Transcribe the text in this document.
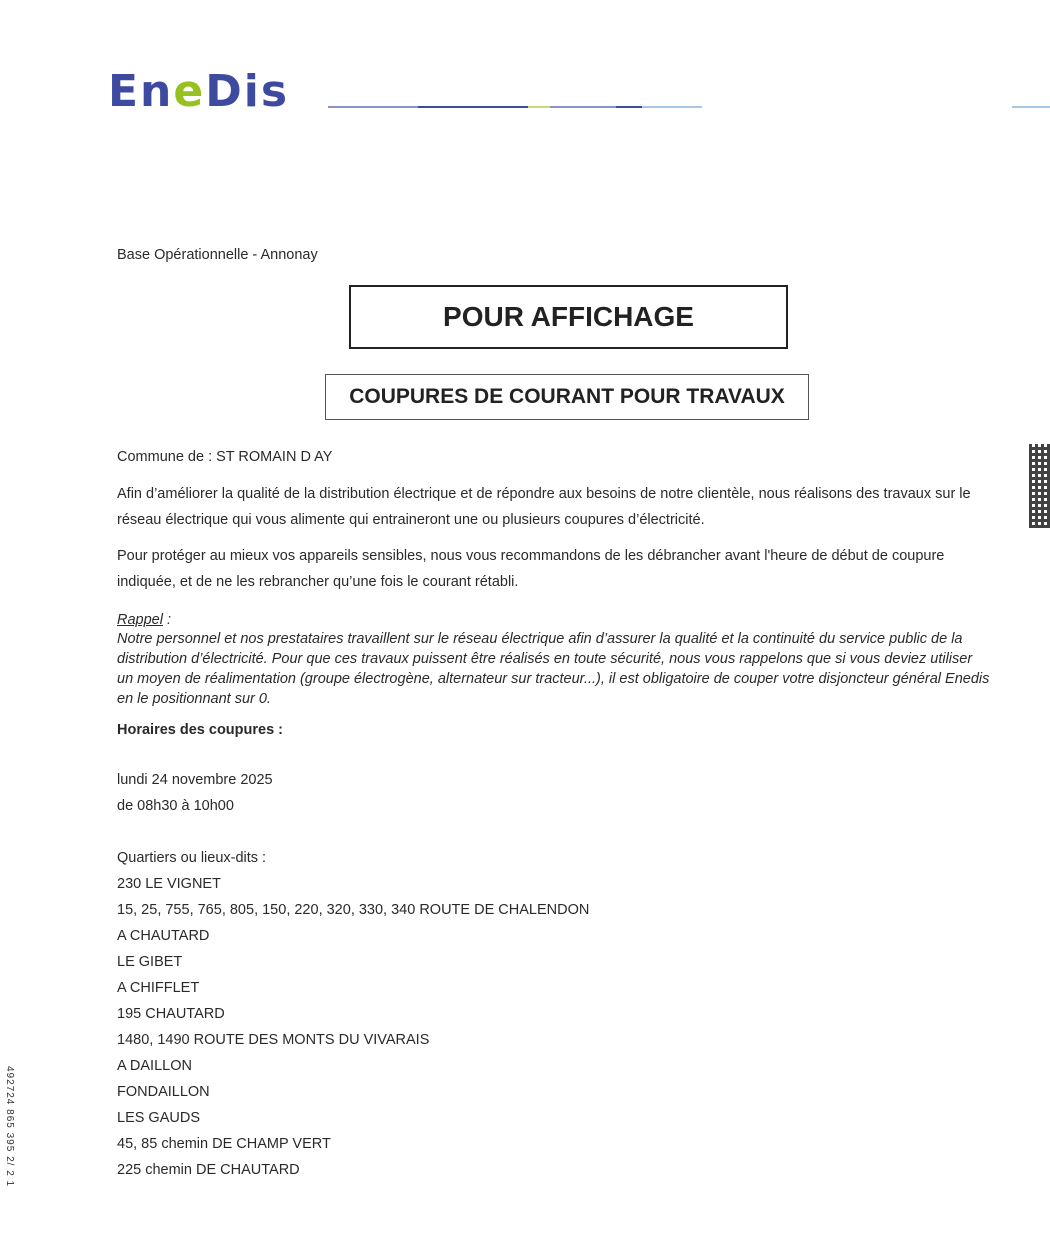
EneDis
Base Opérationnelle - Annonay
POUR AFFICHAGE
COUPURES DE COURANT POUR TRAVAUX
Commune de : ST ROMAIN D AY
Afin d’améliorer la qualité de la distribution électrique et de répondre aux besoins de notre clientèle, nous réalisons des travaux sur le réseau électrique qui vous alimente qui entraineront une ou plusieurs coupures d’électricité.
Pour protéger au mieux vos appareils sensibles, nous vous recommandons de les débrancher avant l'heure de début de coupure indiquée, et de ne les rebrancher qu’une fois le courant rétabli.
Rappel :
Notre personnel et nos prestataires travaillent sur le réseau électrique afin d’assurer la qualité et la continuité du service public de la distribution d’électricité. Pour que ces travaux puissent être réalisés en toute sécurité, nous vous rappelons que si vous deviez utiliser un moyen de réalimentation (groupe électrogène, alternateur sur tracteur...), il est obligatoire de couper votre disjoncteur général Enedis en le positionnant sur 0.
Horaires des coupures :
lundi 24 novembre 2025
de 08h30 à 10h00
Quartiers ou lieux-dits :
230 LE VIGNET
15, 25, 755, 765, 805, 150, 220, 320, 330, 340 ROUTE DE CHALENDON
A CHAUTARD
LE GIBET
A CHIFFLET
195 CHAUTARD
1480, 1490 ROUTE DES MONTS DU VIVARAIS
A DAILLON
FONDAILLON
LES GAUDS
45, 85 chemin DE CHAMP VERT
225 chemin DE CHAUTARD
492724 865 395 2/ 2 1
